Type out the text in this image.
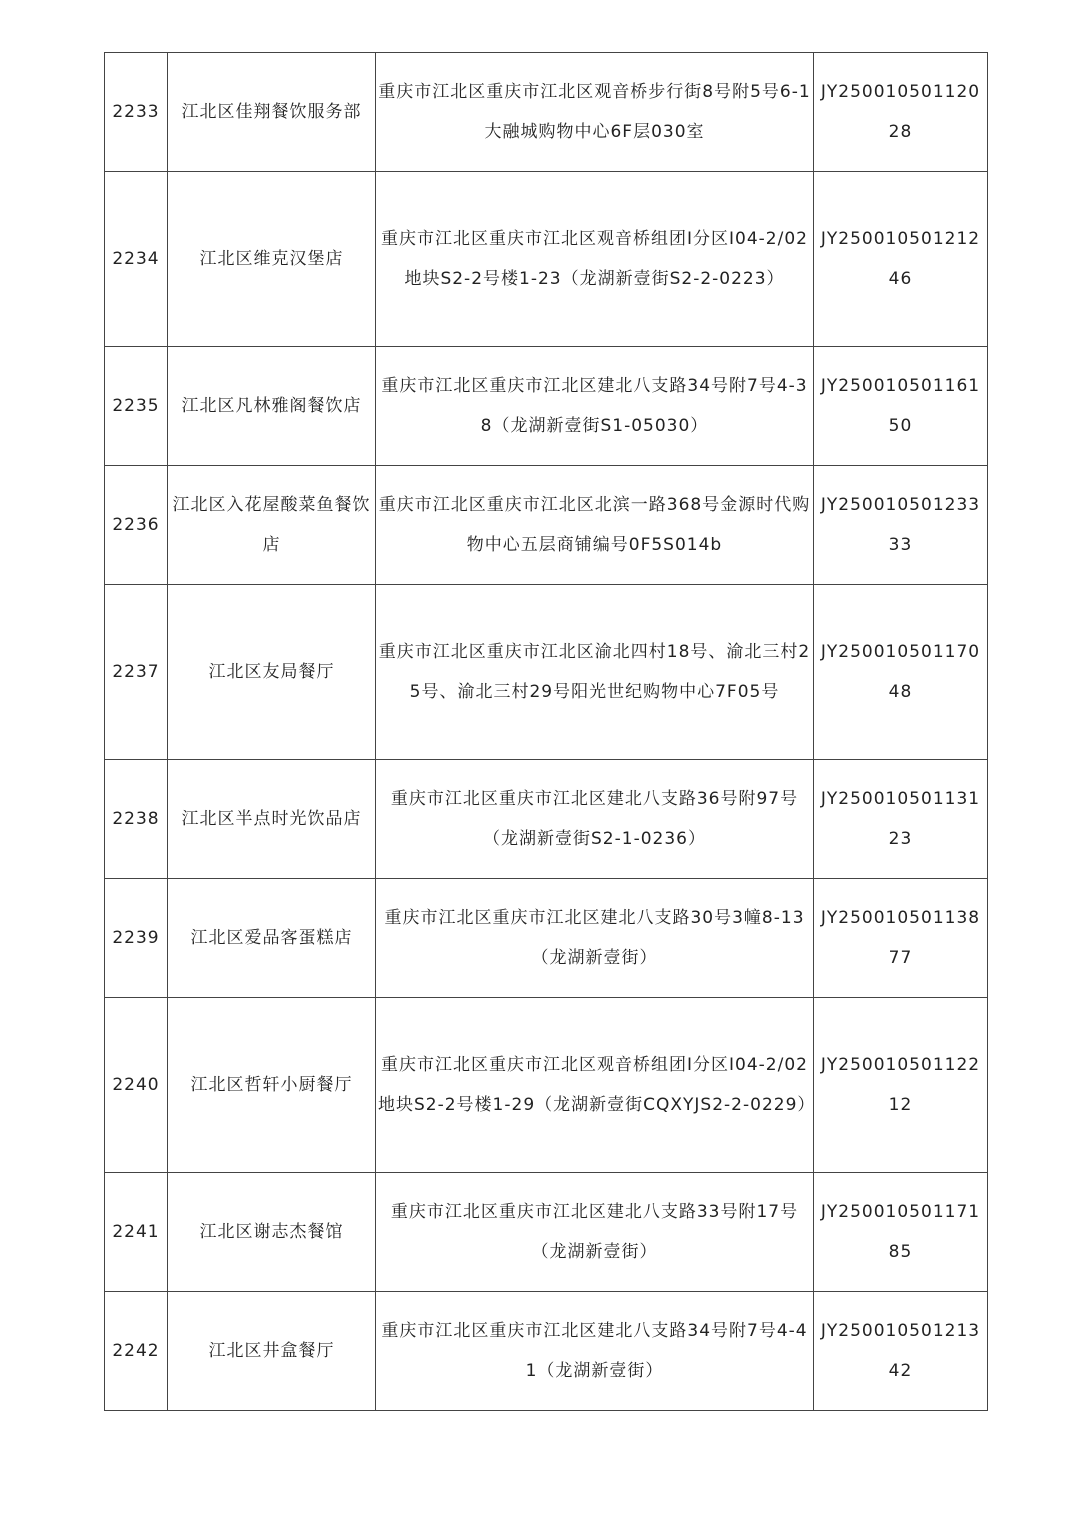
2233	江北区佳翔餐饮服务部	重庆市江北区重庆市江北区观音桥步行街8号附5号6-1大融城购物中心6F层030室	JY25001050112028
2234	江北区维克汉堡店	重庆市江北区重庆市江北区观音桥组团Ⅰ分区I04-2/02地块S2-2号楼1-23（龙湖新壹街S2-2-0223）	JY25001050121246
2235	江北区凡林雅阁餐饮店	重庆市江北区重庆市江北区建北八支路34号附7号4-38（龙湖新壹街S1-05030）	JY25001050116150
2236	江北区入花屋酸菜鱼餐饮店	重庆市江北区重庆市江北区北滨一路368号金源时代购物中心五层商铺编号0F5S014b	JY25001050123333
2237	江北区友局餐厅	重庆市江北区重庆市江北区渝北四村18号、渝北三村25号、渝北三村29号阳光世纪购物中心7F05号	JY25001050117048
2238	江北区半点时光饮品店	重庆市江北区重庆市江北区建北八支路36号附97号（龙湖新壹街S2-1-0236）	JY25001050113123
2239	江北区爱品客蛋糕店	重庆市江北区重庆市江北区建北八支路30号3幢8-13（龙湖新壹街）	JY25001050113877
2240	江北区哲轩小厨餐厅	重庆市江北区重庆市江北区观音桥组团Ⅰ分区I04-2/02地块S2-2号楼1-29（龙湖新壹街CQXYJS2-2-0229）	JY25001050112212
2241	江北区谢志杰餐馆	重庆市江北区重庆市江北区建北八支路33号附17号（龙湖新壹街）	JY25001050117185
2242	江北区井盒餐厅	重庆市江北区重庆市江北区建北八支路34号附7号4-41（龙湖新壹街）	JY25001050121342
